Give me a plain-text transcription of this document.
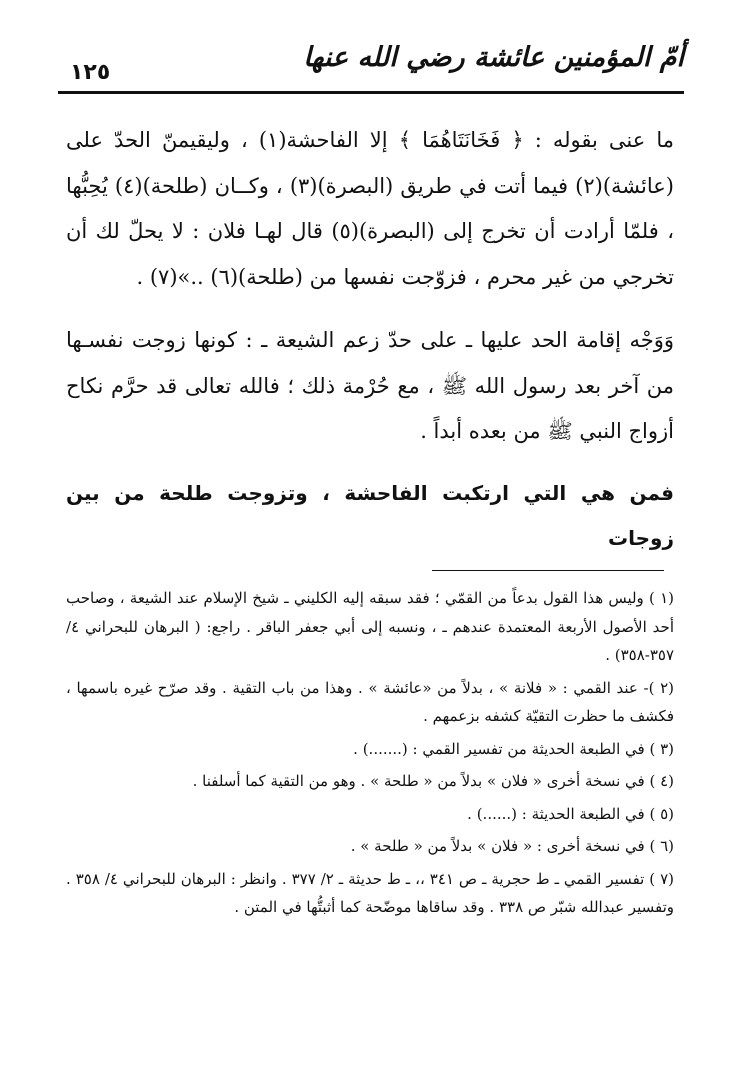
١٢٥	أمّ المؤمنين عائشة رضي الله عنها

ما عنى بقوله : ﴿ فَخَانَتَاهُمَا ﴾ إلا الفاحشة(١) ، وليقيمنّ الحدّ على (عائشة)(٢) فيما أتت في طريق (البصرة)(٣) ، وكــان (طلحة)(٤) يُحِبُّها ، فلمّا أرادت أن تخرج إلى (البصرة)(٥) قال لهـا فلان : لا يحلّ لك أن تخرجي من غير محرم ، فزوّجت نفسها من (طلحة)(٦) ..»(٧) .

وَوَجْه إقامة الحد عليها ـ على حدّ زعم الشيعة ـ : كونها زوجت نفسـها من آخر بعد رسول الله ﷺ ، مع حُرْمة ذلك ؛ فالله تعالى قد حرَّم نكاح أزواج النبي ﷺ من بعده أبداً .

فمن هي التي ارتكبت الفاحشة ، وتزوجت طلحة من بين زوجات

(١ ) وليس هذا القول بدعاً من القمّي ؛ فقد سبقه إليه الكليني ـ شيخ الإسلام عند الشيعة ، وصاحب أحد الأصول الأربعة المعتمدة عندهم ـ ، ونسبه إلى أبي جعفر الباقر . راجع: ( البرهان للبحراني ٤/ ٣٥٧-٣٥٨) .

(٢ )- عند القمي : « فلانة » ، بدلاً من «عائشة » . وهذا من باب التقية . وقد صرّح غيره باسمها ، فكشف ما حظرت التقيّة كشفه بزعمهم .

(٣ ) في الطبعة الحديثة من تفسير القمي : (.......) .

(٤ ) في نسخة أخرى « فلان » بدلاً من « طلحة » . وهو من التقية كما أسلفنا .

(٥ ) في الطبعة الحديثة : (......) .

(٦ ) في نسخة أخرى : « فلان » بدلاً من « طلحة » .

(٧ ) تفسير القمي ـ ط حجرية ـ ص ٣٤١ ،، ـ ط حديثة ـ ٢/ ٣٧٧ . وانظر : البرهان للبحراني ٤/ ٣٥٨ . وتفسير عبدالله شبّر ص ٣٣٨ . وقد ساقاها موضّحة كما أثبتُّها في المتن .
